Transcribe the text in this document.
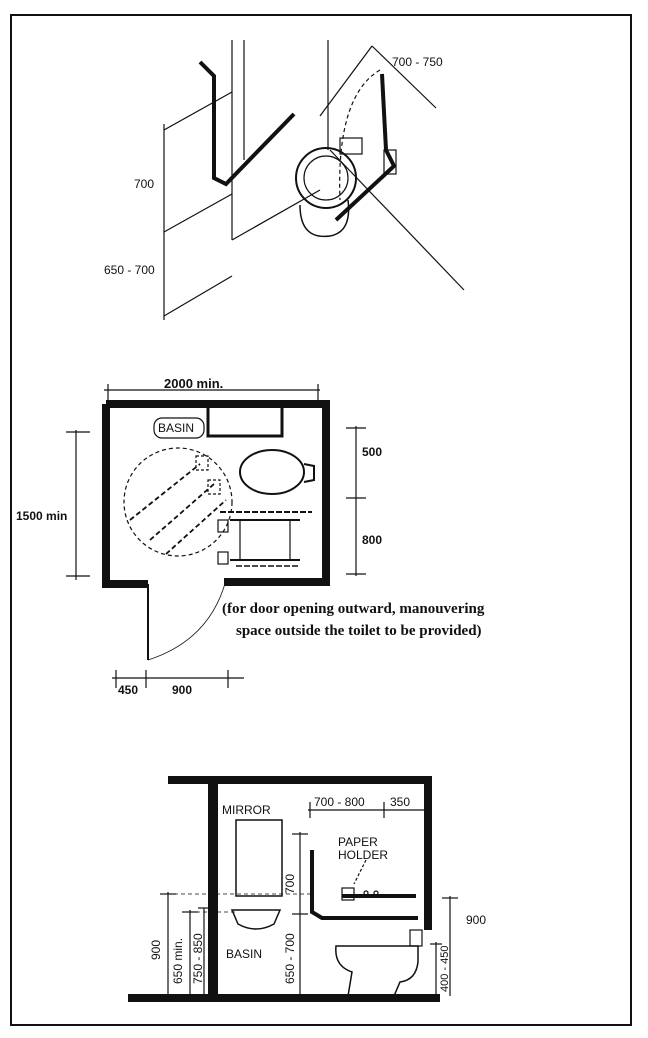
700 - 750
700
650 - 700
2000 min.
1500 min
BASIN
500
800
450	900
(for door opening outward, manouvering
space outside the toilet to be provided)
MIRROR
700 - 800 350
PAPER
HOLDER
BASIN
900
900 650 min. 750 - 850
700
650 - 700	400 - 450
